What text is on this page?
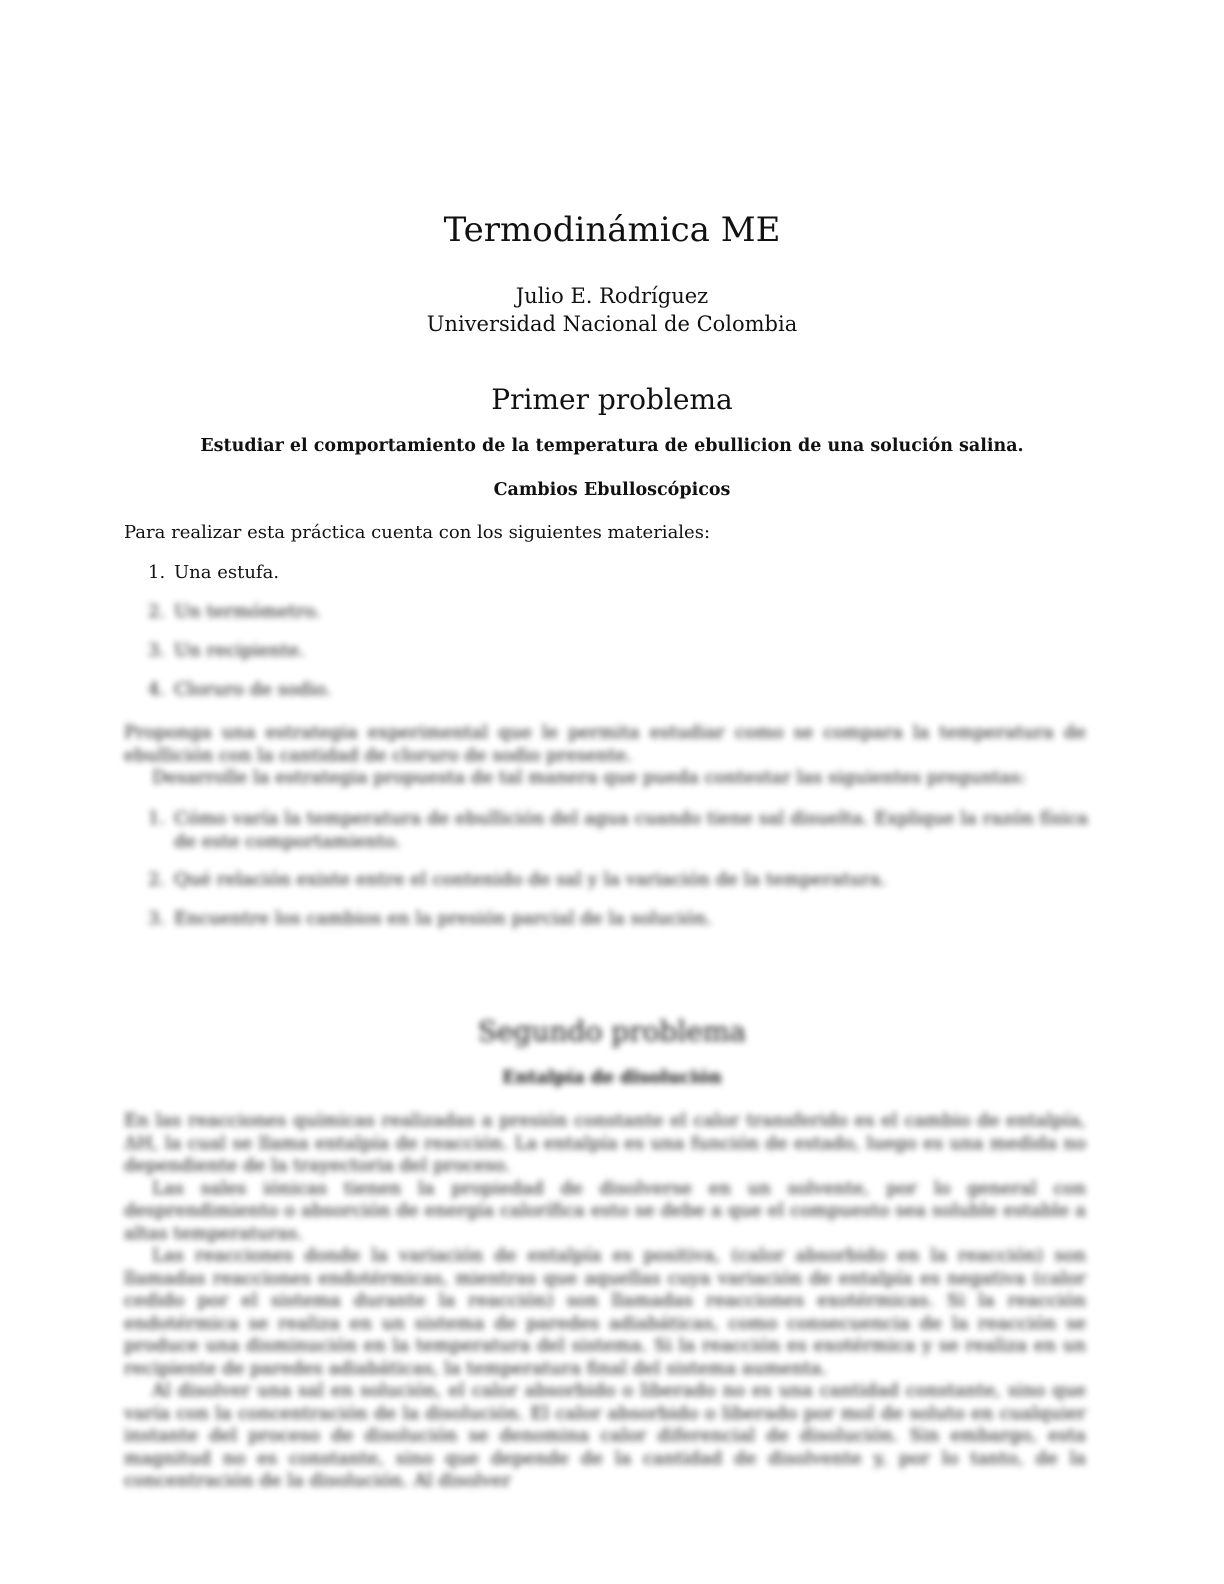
Termodinámica ME
Julio E. Rodríguez
Universidad Nacional de Colombia
Primer problema
Estudiar el comportamiento de la temperatura de ebullicion de una solución salina.
Cambios Ebulloscópicos
Para realizar esta práctica cuenta con los siguientes materiales:
1. Una estufa.
2. Un termómetro.
3. Un recipiente.
4. Cloruro de sodio.
Proponga una estrategia experimental que le permita estudiar como se compara la temperatura de ebullición con la cantidad de cloruro de sodio presente.
Desarrolle la estrategia propuesta de tal manera que pueda contestar las siguientes preguntas:
1. Cómo varía la temperatura de ebullición del agua cuando tiene sal disuelta. Explique la razón física de este comportamiento.
2. Qué relación existe entre el contenido de sal y la variación de la temperatura.
3. Encuentre los cambios en la presión parcial de la solución.
Segundo problema
Entalpía de disolución
En las reacciones químicas realizadas a presión constante el calor transferido es el cambio de entalpía, ΔH, la cual se llama entalpía de reacción. La entalpía es una función de estado, luego es una medida no dependiente de la trayectoria del proceso.
Las sales iónicas tienen la propiedad de disolverse en un solvente, por lo general con desprendimiento o absorción de energía calorífica esto se debe a que el compuesto sea soluble estable a altas temperaturas.
Las reacciones donde la variación de entalpía es positiva, (calor absorbido en la reacción) son llamadas reacciones endotérmicas, mientras que aquellas cuya variación de entalpía es negativa (calor cedido por el sistema durante la reacción) son llamadas reacciones exotérmicas. Si la reacción endotérmica se realiza en un sistema de paredes adiabáticas, como consecuencia de la reacción se produce una disminución en la temperatura del sistema. Si la reacción es exotérmica y se realiza en un recipiente de paredes adiabáticas, la temperatura final del sistema aumenta.
Al disolver una sal en solución, el calor absorbido o liberado no es una cantidad constante, sino que varía con la concentración de la disolución. El calor absorbido o liberado por mol de soluto en cualquier instante del proceso de disolución se denomina calor diferencial de disolución. Sin embargo, esta magnitud no es constante, sino que depende de la cantidad de disolvente y, por lo tanto, de la concentración de la disolución. Al disolver
